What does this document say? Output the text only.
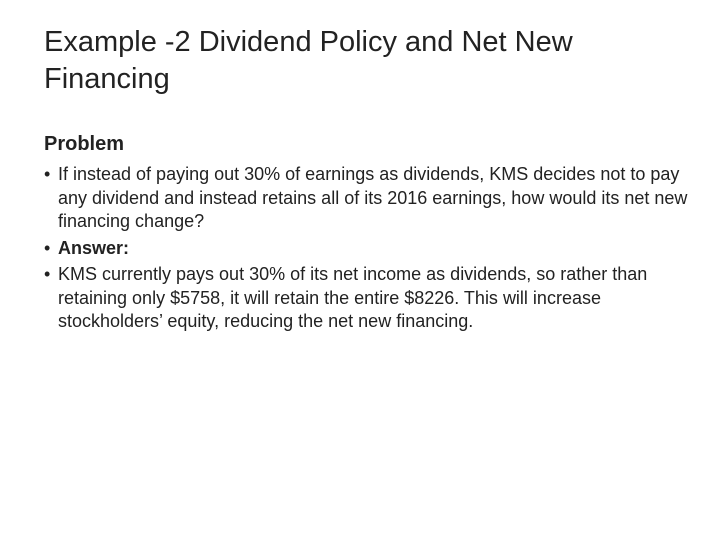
Example -2 Dividend Policy and Net New Financing
Problem
• If instead of paying out 30% of earnings as dividends, KMS decides not to pay any dividend and instead retains all of its 2016 earnings, how would its net new financing change?
• Answer:
• KMS currently pays out 30% of its net income as dividends, so rather than retaining only $5758, it will retain the entire $8226. This will increase stockholders’ equity, reducing the net new financing.
